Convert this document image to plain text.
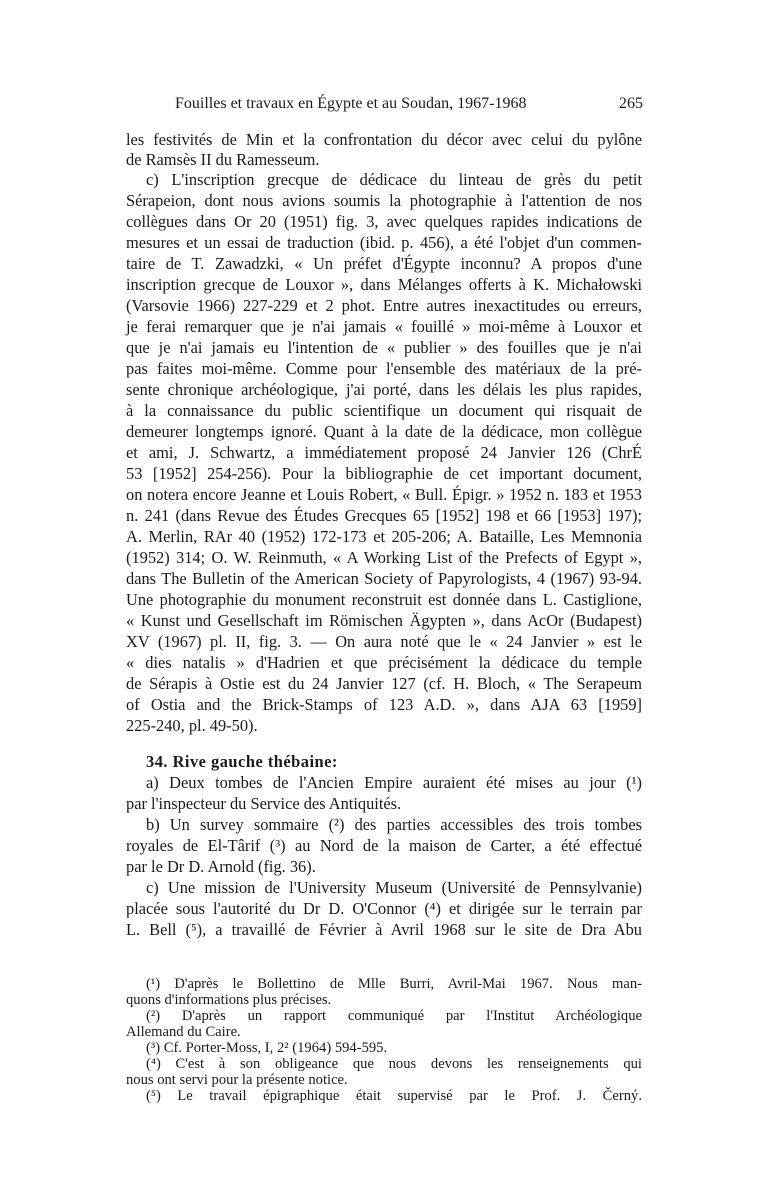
Fouilles et travaux en Égypte et au Soudan, 1967-1968	265
les festivités de Min et la confrontation du décor avec celui du pylône
de Ramsès II du Ramesseum.
c) L'inscription grecque de dédicace du linteau de grès du petit
Sérapeion, dont nous avions soumis la photographie à l'attention de nos
collègues dans Or 20 (1951) fig. 3, avec quelques rapides indications de
mesures et un essai de traduction (ibid. p. 456), a été l'objet d'un commen-
taire de T. Zawadzki, « Un préfet d'Égypte inconnu? A propos d'une
inscription grecque de Louxor », dans Mélanges offerts à K. Michałowski
(Varsovie 1966) 227-229 et 2 phot. Entre autres inexactitudes ou erreurs,
je ferai remarquer que je n'ai jamais « fouillé » moi-même à Louxor et
que je n'ai jamais eu l'intention de « publier » des fouilles que je n'ai
pas faites moi-même. Comme pour l'ensemble des matériaux de la pré-
sente chronique archéologique, j'ai porté, dans les délais les plus rapides,
à la connaissance du public scientifique un document qui risquait de
demeurer longtemps ignoré. Quant à la date de la dédicace, mon collègue
et ami, J. Schwartz, a immédiatement proposé 24 Janvier 126 (ChrÉ
53 [1952] 254-256). Pour la bibliographie de cet important document,
on notera encore Jeanne et Louis Robert, « Bull. Épigr. » 1952 n. 183 et 1953
n. 241 (dans Revue des Études Grecques 65 [1952] 198 et 66 [1953] 197);
A. Merlin, RAr 40 (1952) 172-173 et 205-206; A. Bataille, Les Memnonia
(1952) 314; O. W. Reinmuth, « A Working List of the Prefects of Egypt »,
dans The Bulletin of the American Society of Papyrologists, 4 (1967) 93-94.
Une photographie du monument reconstruit est donnée dans L. Castiglione,
« Kunst und Gesellschaft im Römischen Ägypten », dans AcOr (Budapest)
XV (1967) pl. II, fig. 3. — On aura noté que le « 24 Janvier » est le
« dies natalis » d'Hadrien et que précisément la dédicace du temple
de Sérapis à Ostie est du 24 Janvier 127 (cf. H. Bloch, « The Serapeum
of Ostia and the Brick-Stamps of 123 A.D. », dans AJA 63 [1959]
225-240, pl. 49-50).
34. Rive gauche thébaine:
a) Deux tombes de l'Ancien Empire auraient été mises au jour (¹)
par l'inspecteur du Service des Antiquités.
b) Un survey sommaire (²) des parties accessibles des trois tombes
royales de El-Târif (³) au Nord de la maison de Carter, a été effectué
par le Dr D. Arnold (fig. 36).
c) Une mission de l'University Museum (Université de Pennsylvanie)
placée sous l'autorité du Dr D. O'Connor (⁴) et dirigée sur le terrain par
L. Bell (⁵), a travaillé de Février à Avril 1968 sur le site de Dra Abu
(¹) D'après le Bollettino de Mlle Burri, Avril-Mai 1967. Nous man-
quons d'informations plus précises.
(²) D'après un rapport communiqué par l'Institut Archéologique
Allemand du Caire.
(³) Cf. Porter-Moss, I, 2² (1964) 594-595.
(⁴) C'est à son obligeance que nous devons les renseignements qui
nous ont servi pour la présente notice.
(⁵) Le travail épigraphique était supervisé par le Prof. J. Černý.
